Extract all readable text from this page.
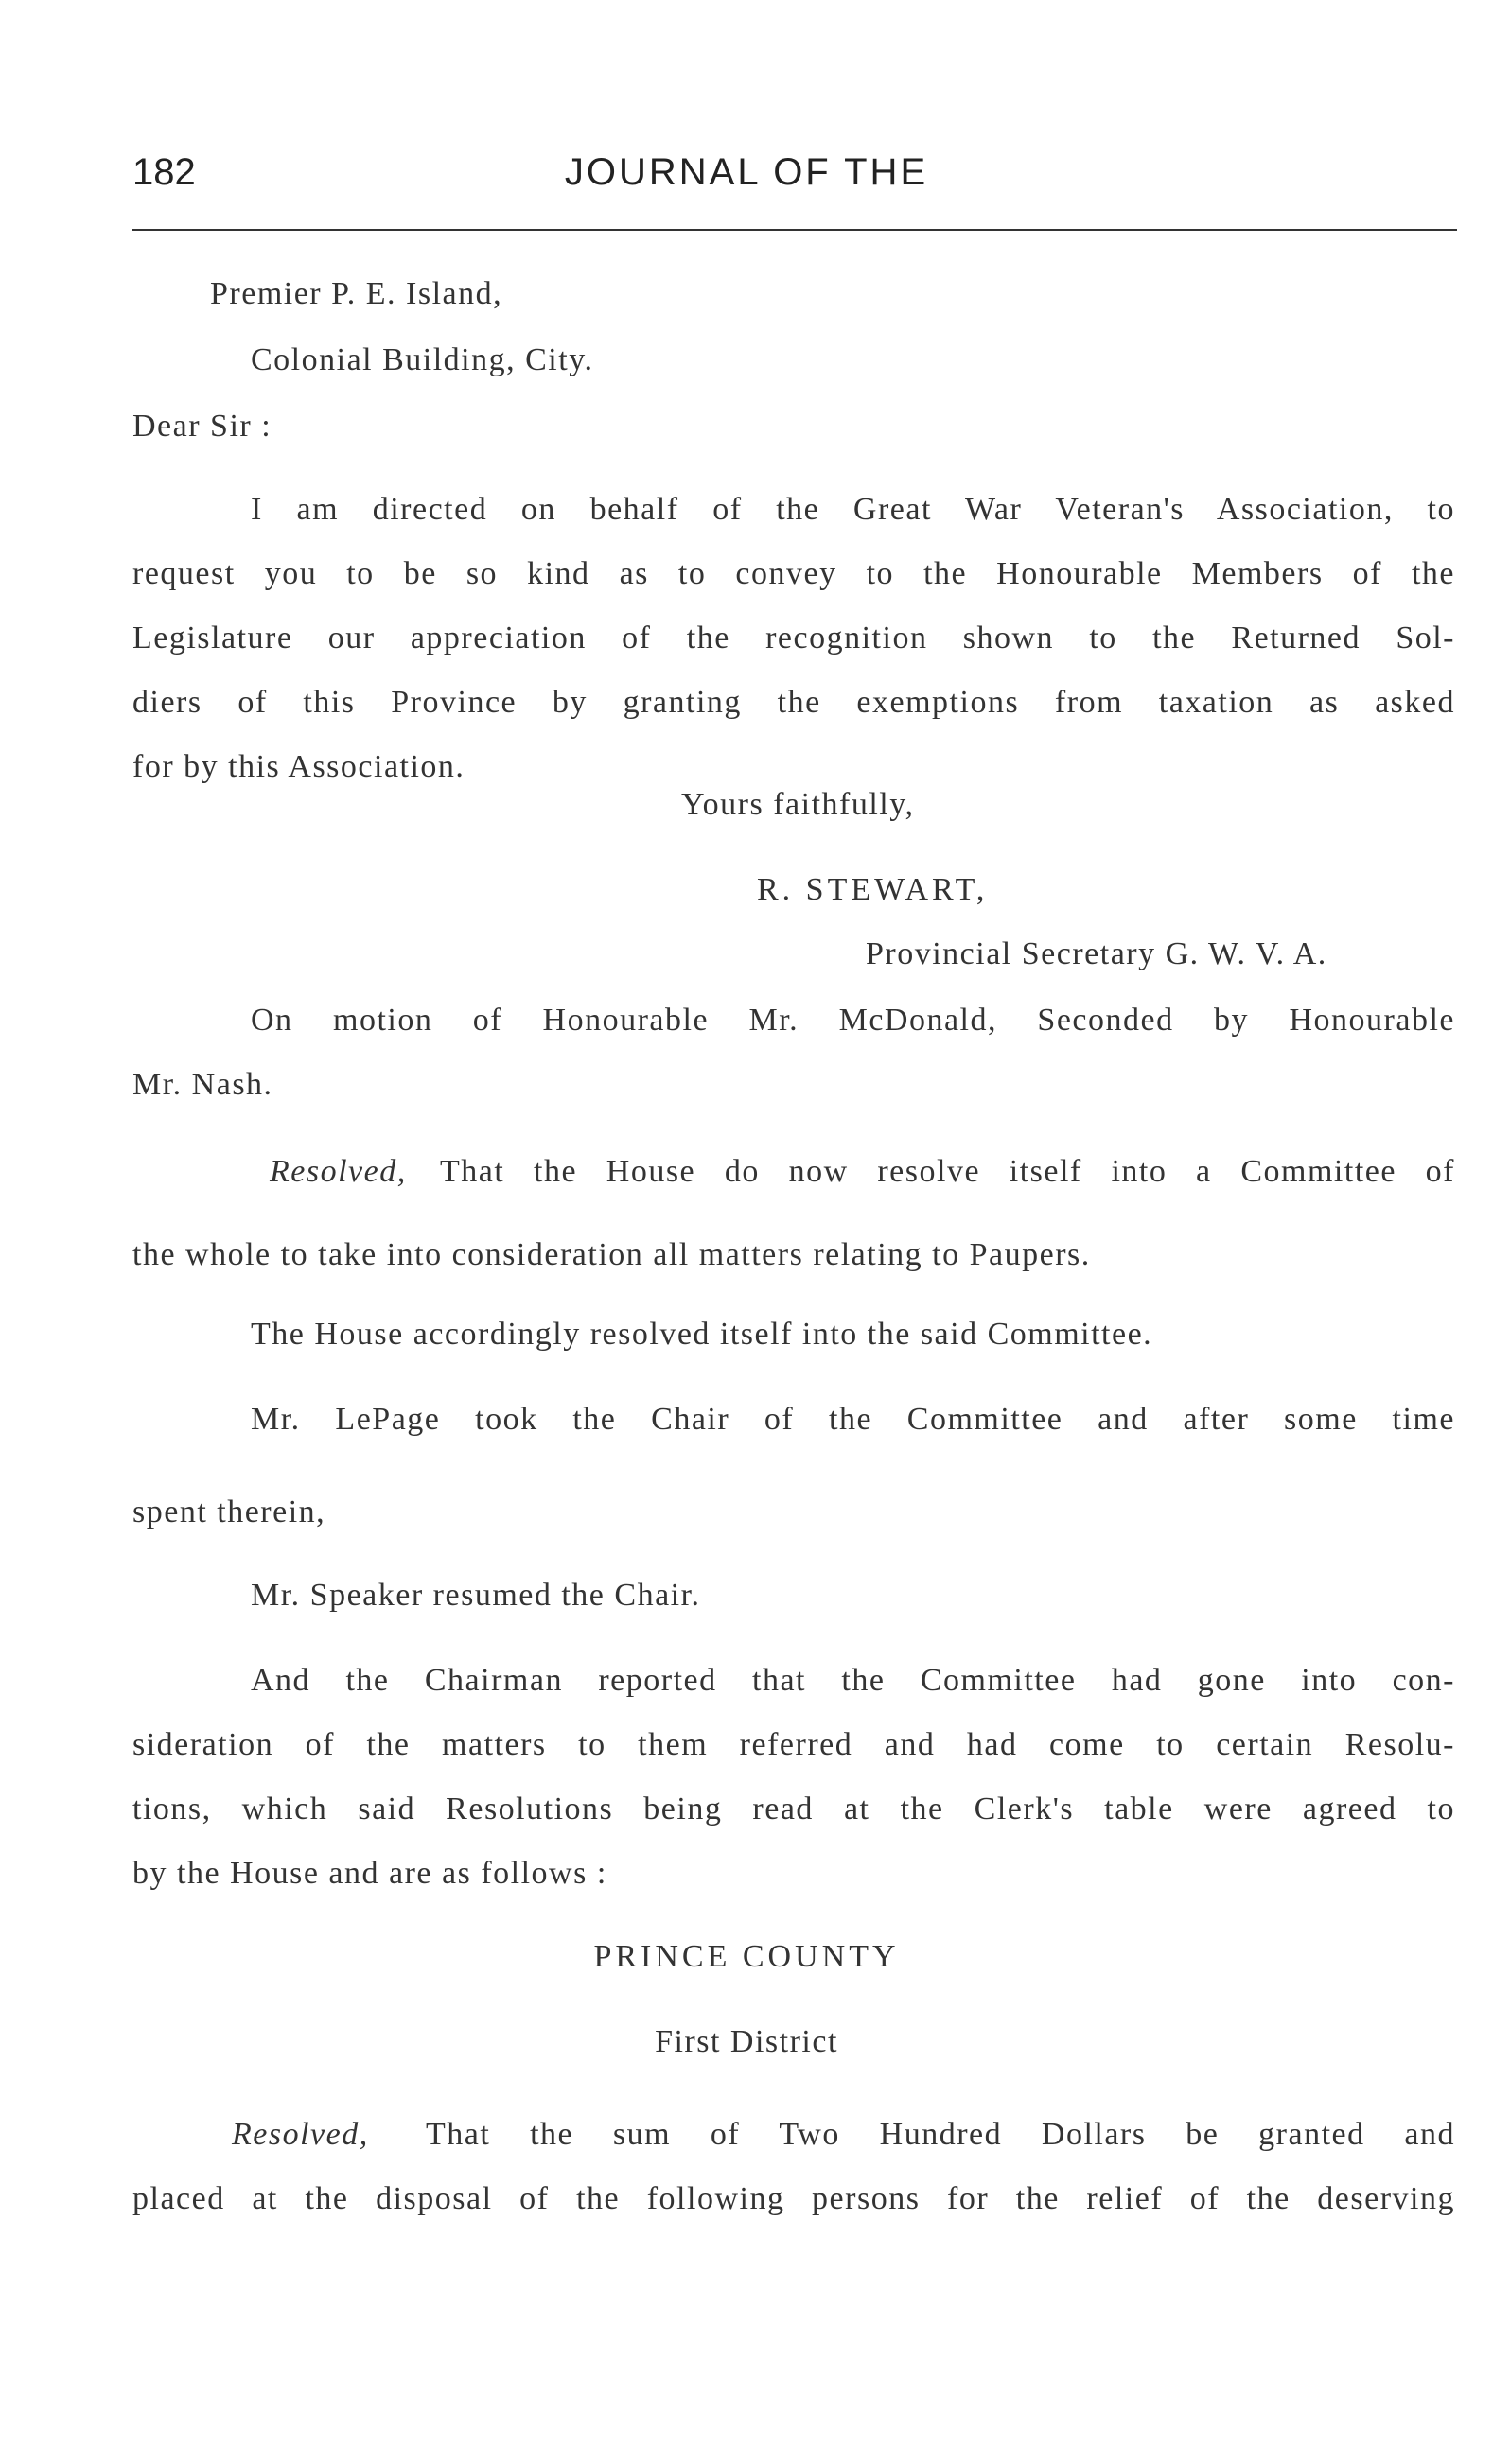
182	JOURNAL OF THE
Premier P. E. Island,
Colonial Building, City.
Dear Sir :
I am directed on behalf of the Great War Veteran's Association, to
request you to be so kind as to convey to the Honourable Members of the
Legislature our appreciation of the recognition shown to the Returned Sol-
diers of this Province by granting the exemptions from taxation as asked
for by this Association.
Yours faithfully,
R. STEWART,
Provincial Secretary G. W. V. A.
On motion of Honourable Mr. McDonald, Seconded by Honourable
Mr. Nash.
Resolved, That the House do now resolve itself into a Committee of
the whole to take into consideration all matters relating to Paupers.
The House accordingly resolved itself into the said Committee.
Mr. LePage took the Chair of the Committee and after some time
spent therein,
Mr. Speaker resumed the Chair.
And the Chairman reported that the Committee had gone into con-
sideration of the matters to them referred and had come to certain Resolu-
tions, which said Resolutions being read at the Clerk's table were agreed to
by the House and are as follows :
PRINCE COUNTY
First District
Resolved, That the sum of Two Hundred Dollars be granted and
placed at the disposal of the following persons for the relief of the deserving
